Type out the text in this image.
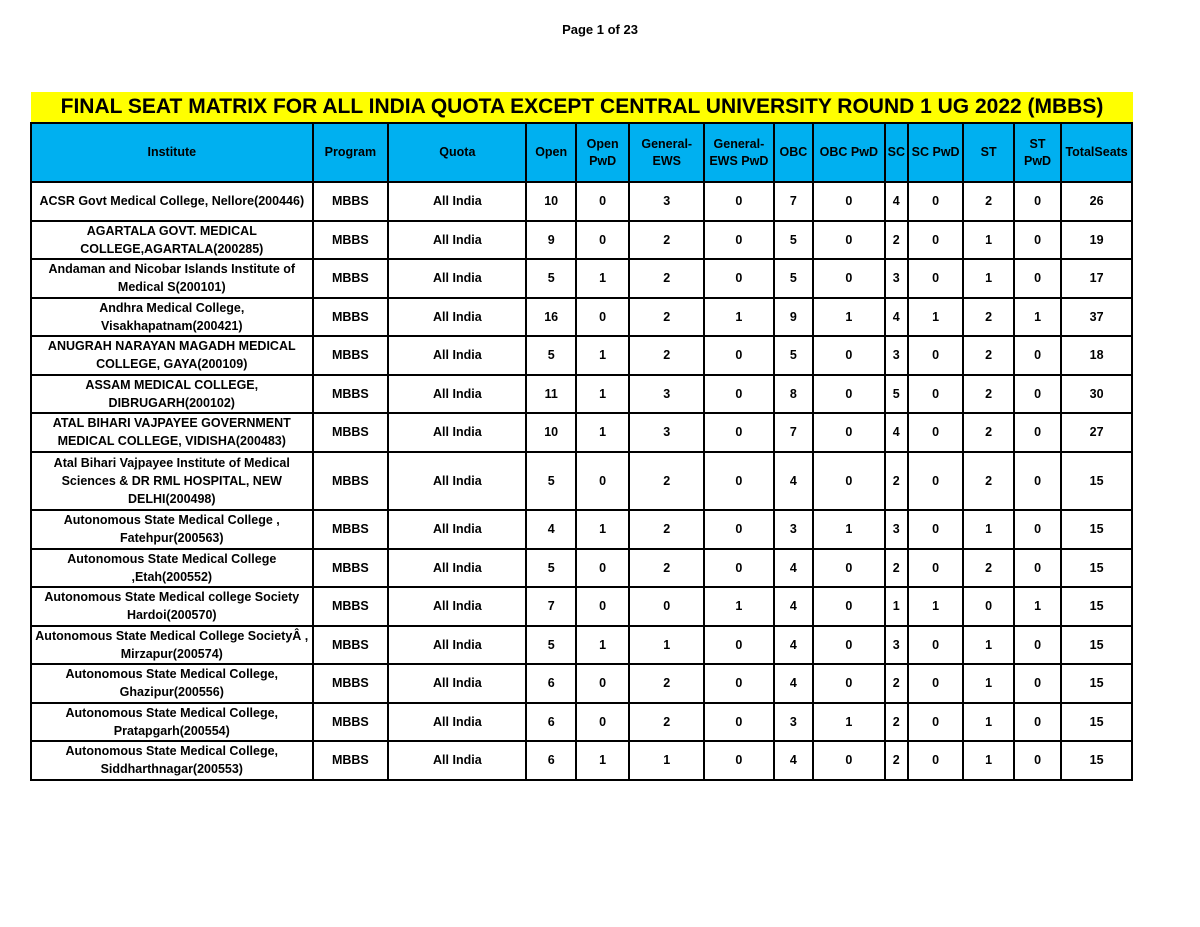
Page 1 of 23
FINAL SEAT MATRIX FOR ALL INDIA QUOTA EXCEPT CENTRAL UNIVERSITY ROUND 1 UG 2022 (MBBS)
Institute	Program	Quota	Open	Open PwD	General-EWS	General-EWS PwD	OBC	OBC PwD	SC	SC PwD	ST	ST PwD	TotalSeats
ACSR Govt Medical College, Nellore(200446)	MBBS	All India	10	0	3	0	7	0	4	0	2	0	26
AGARTALA GOVT. MEDICAL COLLEGE,AGARTALA(200285)	MBBS	All India	9	0	2	0	5	0	2	0	1	0	19
Andaman and Nicobar Islands Institute of Medical S(200101)	MBBS	All India	5	1	2	0	5	0	3	0	1	0	17
Andhra Medical College, Visakhapatnam(200421)	MBBS	All India	16	0	2	1	9	1	4	1	2	1	37
ANUGRAH NARAYAN MAGADH MEDICAL COLLEGE, GAYA(200109)	MBBS	All India	5	1	2	0	5	0	3	0	2	0	18
ASSAM MEDICAL COLLEGE, DIBRUGARH(200102)	MBBS	All India	11	1	3	0	8	0	5	0	2	0	30
ATAL BIHARI VAJPAYEE GOVERNMENT MEDICAL COLLEGE, VIDISHA(200483)	MBBS	All India	10	1	3	0	7	0	4	0	2	0	27
Atal Bihari Vajpayee Institute of Medical Sciences & DR RML HOSPITAL, NEW DELHI(200498)	MBBS	All India	5	0	2	0	4	0	2	0	2	0	15
Autonomous State Medical College , Fatehpur(200563)	MBBS	All India	4	1	2	0	3	1	3	0	1	0	15
Autonomous State Medical College ,Etah(200552)	MBBS	All India	5	0	2	0	4	0	2	0	2	0	15
Autonomous State Medical college Society Hardoi(200570)	MBBS	All India	7	0	0	1	4	0	1	1	0	1	15
Autonomous State Medical College SocietyÂ , Mirzapur(200574)	MBBS	All India	5	1	1	0	4	0	3	0	1	0	15
Autonomous State Medical College, Ghazipur(200556)	MBBS	All India	6	0	2	0	4	0	2	0	1	0	15
Autonomous State Medical College, Pratapgarh(200554)	MBBS	All India	6	0	2	0	3	1	2	0	1	0	15
Autonomous State Medical College, Siddharthnagar(200553)	MBBS	All India	6	1	1	0	4	0	2	0	1	0	15
